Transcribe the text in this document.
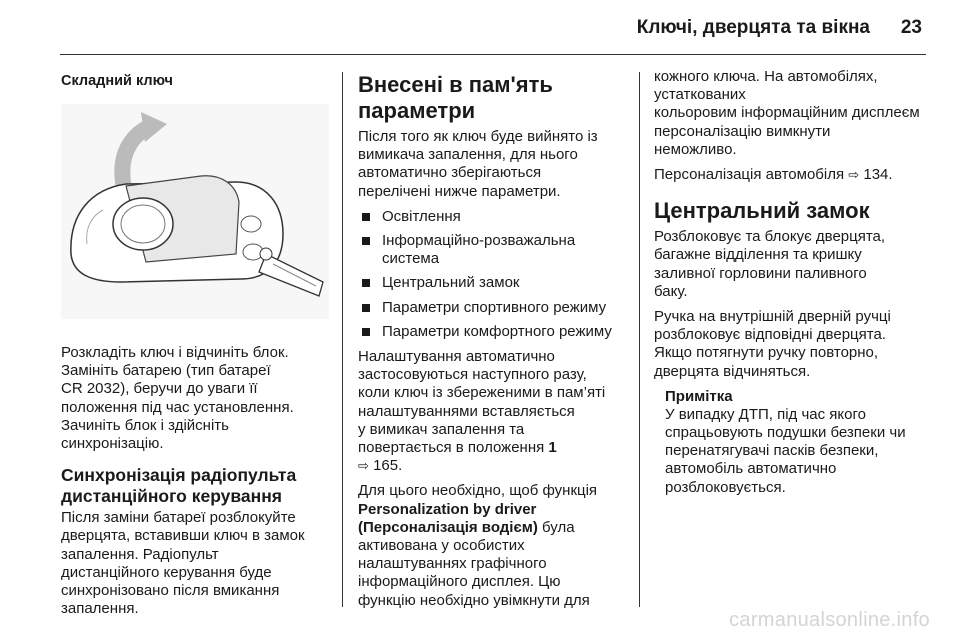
Ключі, дверцята та вікна 23
Складний ключ

Розкладіть ключ і відчиніть блок.
Замініть батарею (тип батареї
CR 2032), беручи до уваги її
положення під час установлення.
Зачиніть блок і здійсніть
синхронізацію.

Синхронізація радіопульта
дистанційного керування

Після заміни батареї розблокуйте
дверцята, вставивши ключ в замок
запалення. Радіопульт
дистанційного керування буде
синхронізовано після вмикання
запалення.

Внесені в пам'ять
параметри

Після того як ключ буде вийнято із
вимикача запалення, для нього
автоматично зберігаються
перелічені нижче параметри.

Освітлення
Інформаційно-розважальна система
Центральний замок
Параметри спортивного режиму
Параметри комфортного режиму

Налаштування автоматично
застосовуються наступного разу,
коли ключ із збереженими в пам’яті
налаштуваннями вставляється
у вимикач запалення та
повертається в положення 1
⇨ 165.

Для цього необхідно, щоб функція
Personalization by driver
(Персоналізація водієм) була
активована у особистих
налаштуваннях графічного
інформаційного дисплея. Цю
функцію необхідно увімкнути для

кожного ключа. На автомобілях,
устаткованих
кольоровим інформаційним дисплеєм
персоналізацію вимкнути
неможливо.

Персоналізація автомобіля ⇨ 134.

Центральний замок

Розблоковує та блокує дверцята,
багажне відділення та кришку
заливної горловини паливного
баку.

Ручка на внутрішній дверній ручці
розблоковує відповідні дверцята.
Якщо потягнути ручку повторно,
дверцята відчиняться.

Примітка

У випадку ДТП, під час якого
спрацьовують подушки безпеки чи
перенатягувачі пасків безпеки,
автомобіль автоматично
розблоковується.

carmanualsonline.info
